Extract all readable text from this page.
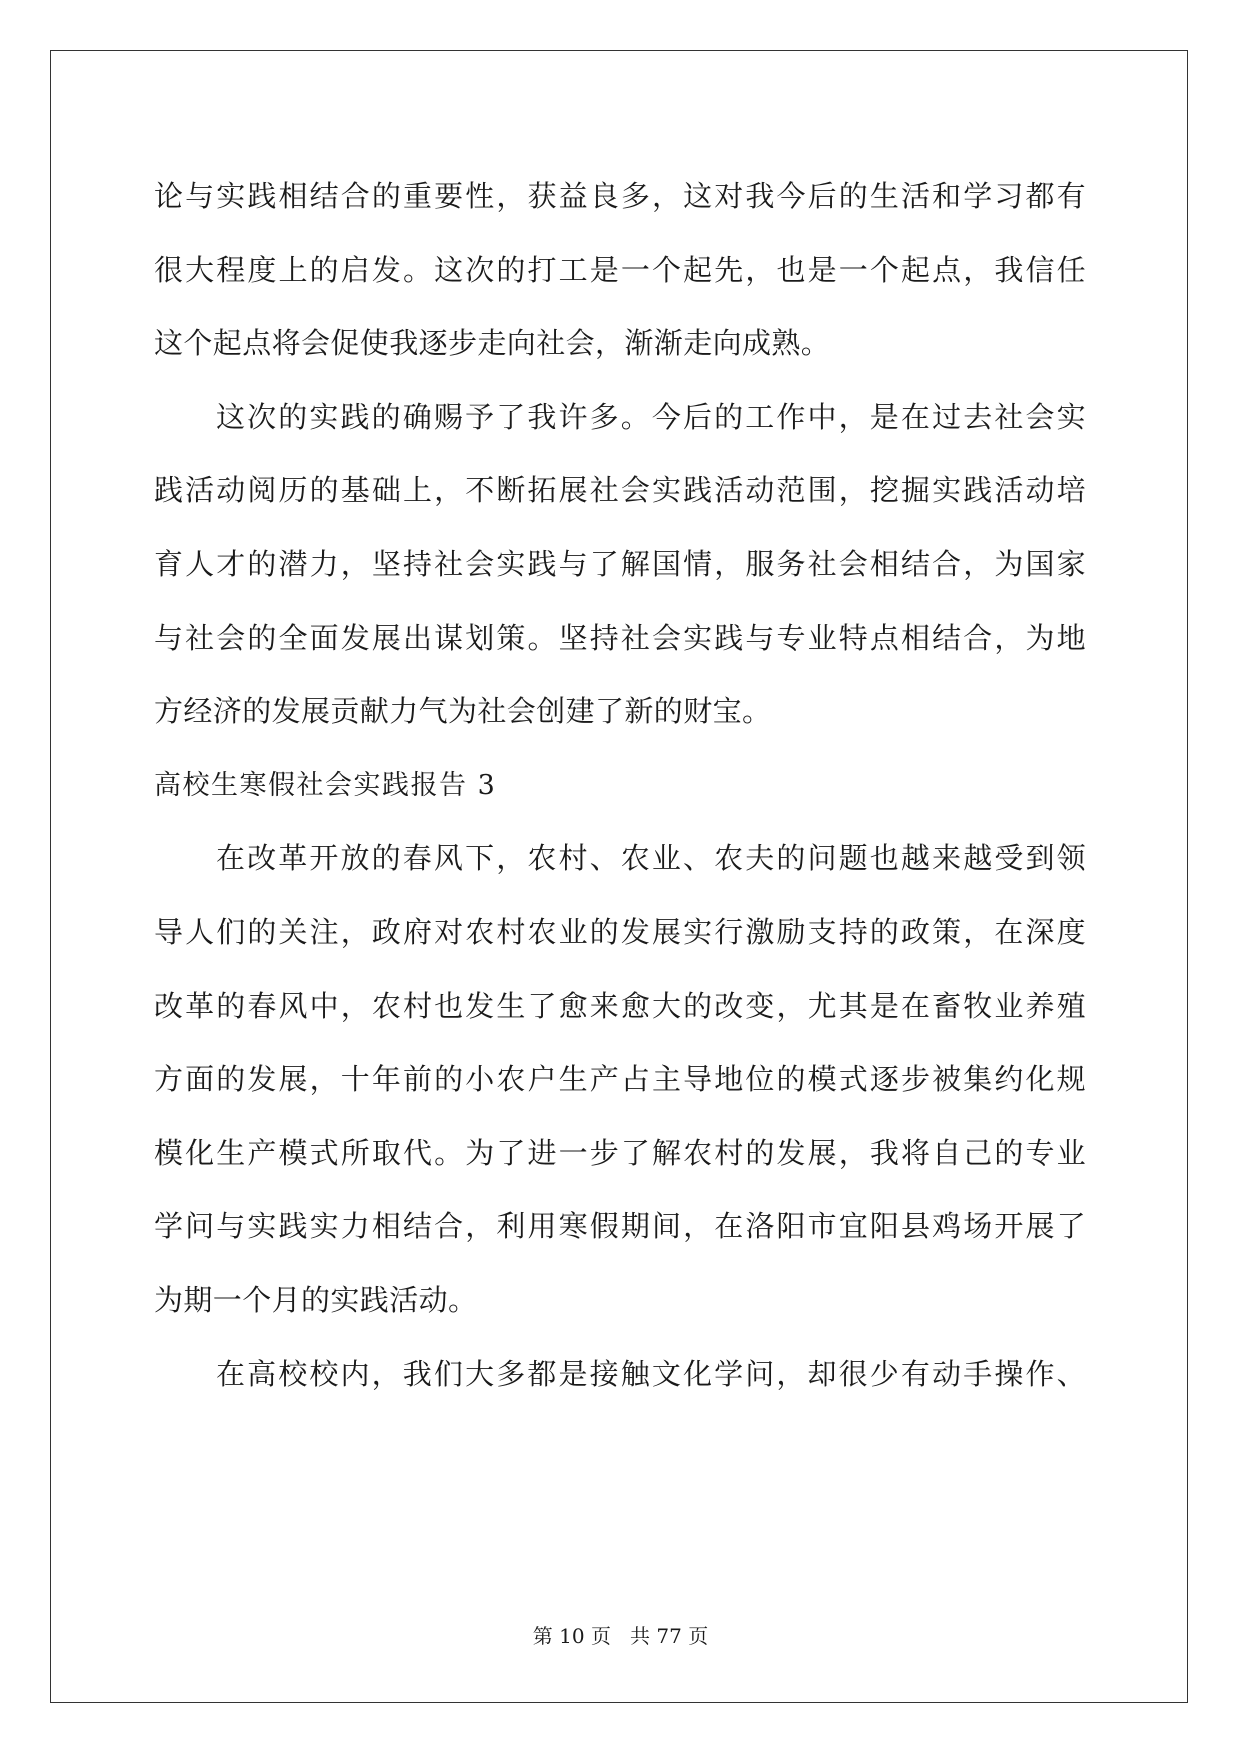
论与实践相结合的重要性，获益良多，这对我今后的生活和学习都有
很大程度上的启发。这次的打工是一个起先，也是一个起点，我信任
这个起点将会促使我逐步走向社会，渐渐走向成熟。
这次的实践的确赐予了我许多。今后的工作中，是在过去社会实
践活动阅历的基础上，不断拓展社会实践活动范围，挖掘实践活动培
育人才的潜力，坚持社会实践与了解国情，服务社会相结合，为国家
与社会的全面发展出谋划策。坚持社会实践与专业特点相结合，为地
方经济的发展贡献力气为社会创建了新的财宝。
高校生寒假社会实践报告 3
在改革开放的春风下，农村、农业、农夫的问题也越来越受到领
导人们的关注，政府对农村农业的发展实行激励支持的政策，在深度
改革的春风中，农村也发生了愈来愈大的改变，尤其是在畜牧业养殖
方面的发展，十年前的小农户生产占主导地位的模式逐步被集约化规
模化生产模式所取代。为了进一步了解农村的发展，我将自己的专业
学问与实践实力相结合，利用寒假期间，在洛阳市宜阳县鸡场开展了
为期一个月的实践活动。
在高校校内，我们大多都是接触文化学问，却很少有动手操作、
第 10 页 共 77 页
